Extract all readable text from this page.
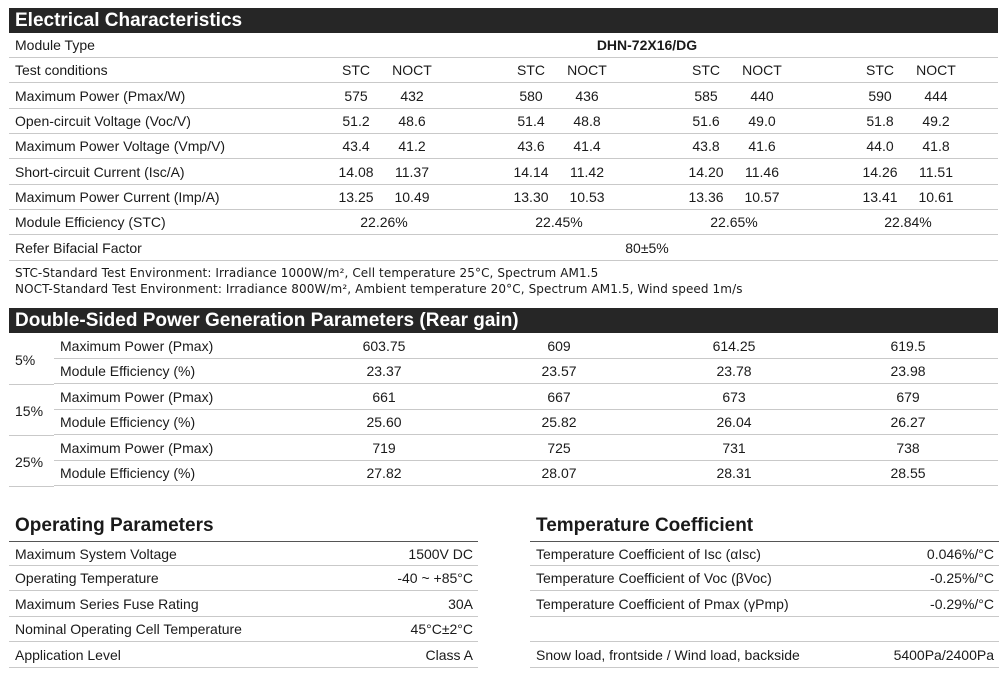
Electrical Characteristics
Module Type	DHN-72X16/DG
Test conditions	STC NOCT	STC NOCT	STC NOCT	STC NOCT
Maximum Power (Pmax/W)	575 432	580 436	585 440	590 444
Open-circuit Voltage (Voc/V)	51.2 48.6	51.4 48.8	51.6 49.0	51.8 49.2
Maximum Power Voltage (Vmp/V)	43.4 41.2	43.6 41.4	43.8 41.6	44.0 41.8
Short-circuit Current (Isc/A)	14.08 11.37	14.14 11.42	14.20 11.46	14.26 11.51
Maximum Power Current (Imp/A)	13.25 10.49	13.30 10.53	13.36 10.57	13.41 10.61
Module Efficiency (STC)	22.26%	22.45%	22.65%	22.84%
Refer Bifacial Factor	80±5%
STC-Standard Test Environment: Irradiance 1000W/m², Cell temperature 25°C, Spectrum AM1.5
NOCT-Standard Test Environment: Irradiance 800W/m², Ambient temperature 20°C, Spectrum AM1.5, Wind speed 1m/s
Double-Sided Power Generation Parameters (Rear gain)
5%
Maximum Power (Pmax)	603.75	609	614.25	619.5
Module Efficiency (%)	23.37	23.57	23.78	23.98
15%
Maximum Power (Pmax)	661	667	673	679
Module Efficiency (%)	25.60	25.82	26.04	26.27
25%
Maximum Power (Pmax)	719	725	731	738
Module Efficiency (%)	27.82	28.07	28.31	28.55
Operating Parameters
Maximum System Voltage	1500V DC
Operating Temperature	-40 ~ +85°C
Maximum Series Fuse Rating	30A
Nominal Operating Cell Temperature	45°C±2°C
Application Level	Class A
Temperature Coefficient
Temperature Coefficient of Isc (αIsc)	0.046%/°C
Temperature Coefficient of Voc (βVoc)	-0.25%/°C
Temperature Coefficient of Pmax (γPmp)	-0.29%/°C
Snow load, frontside / Wind load, backside	5400Pa/2400Pa
